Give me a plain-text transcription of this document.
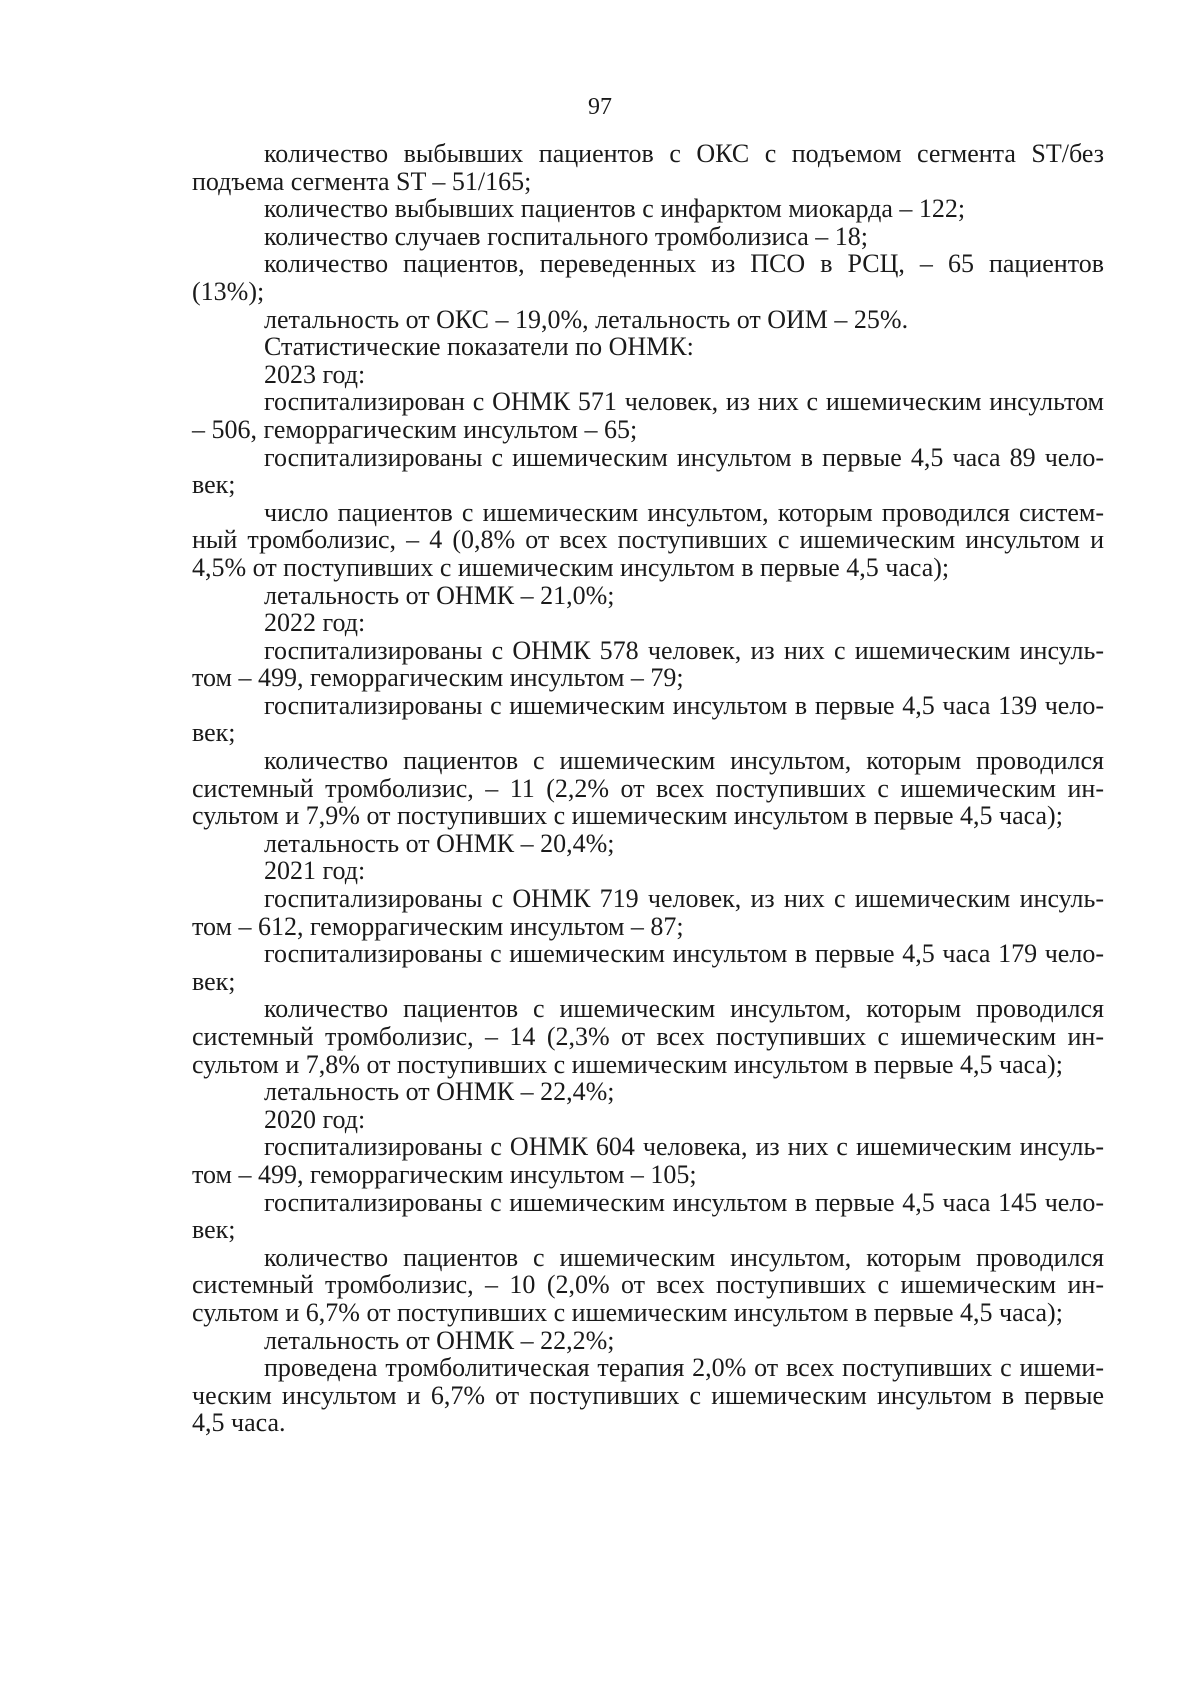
97

количество выбывших пациентов с ОКС с подъемом сегмента ST/без подъема сегмента ST – 51/165;

количество выбывших пациентов с инфарктом миокарда – 122;

количество случаев госпитального тромболизиса – 18;

количество пациентов, переведенных из ПСО в РСЦ, – 65 пациентов (13%);

летальность от ОКС – 19,0%, летальность от ОИМ – 25%.

Статистические показатели по ОНМК:

2023 год:

госпитализирован с ОНМК 571 человек, из них с ишемическим инсультом – 506, геморрагическим инсультом – 65;

госпитализированы с ишемическим инсультом в первые 4,5 часа 89 человек;

число пациентов с ишемическим инсультом, которым проводился системный тромболизис, – 4 (0,8% от всех поступивших с ишемическим инсультом и 4,5% от поступивших с ишемическим инсультом в первые 4,5 часа);

летальность от ОНМК – 21,0%;

2022 год:

госпитализированы с ОНМК 578 человек, из них с ишемическим инсультом – 499, геморрагическим инсультом – 79;

госпитализированы с ишемическим инсультом в первые 4,5 часа 139 человек;

количество пациентов с ишемическим инсультом, которым проводился системный тромболизис, – 11 (2,2% от всех поступивших с ишемическим инсультом и 7,9% от поступивших с ишемическим инсультом в первые 4,5 часа);

летальность от ОНМК – 20,4%;

2021 год:

госпитализированы с ОНМК 719 человек, из них с ишемическим инсультом – 612, геморрагическим инсультом – 87;

госпитализированы с ишемическим инсультом в первые 4,5 часа 179 человек;

количество пациентов с ишемическим инсультом, которым проводился системный тромболизис, – 14 (2,3% от всех поступивших с ишемическим инсультом и 7,8% от поступивших с ишемическим инсультом в первые 4,5 часа);

летальность от ОНМК – 22,4%;

2020 год:

госпитализированы с ОНМК 604 человека, из них с ишемическим инсультом – 499, геморрагическим инсультом – 105;

госпитализированы с ишемическим инсультом в первые 4,5 часа 145 человек;

количество пациентов с ишемическим инсультом, которым проводился системный тромболизис, – 10 (2,0% от всех поступивших с ишемическим инсультом и 6,7% от поступивших с ишемическим инсультом в первые 4,5 часа);

летальность от ОНМК – 22,2%;

проведена тромболитическая терапия 2,0% от всех поступивших с ишемическим инсультом и 6,7% от поступивших с ишемическим инсультом в первые 4,5 часа.
